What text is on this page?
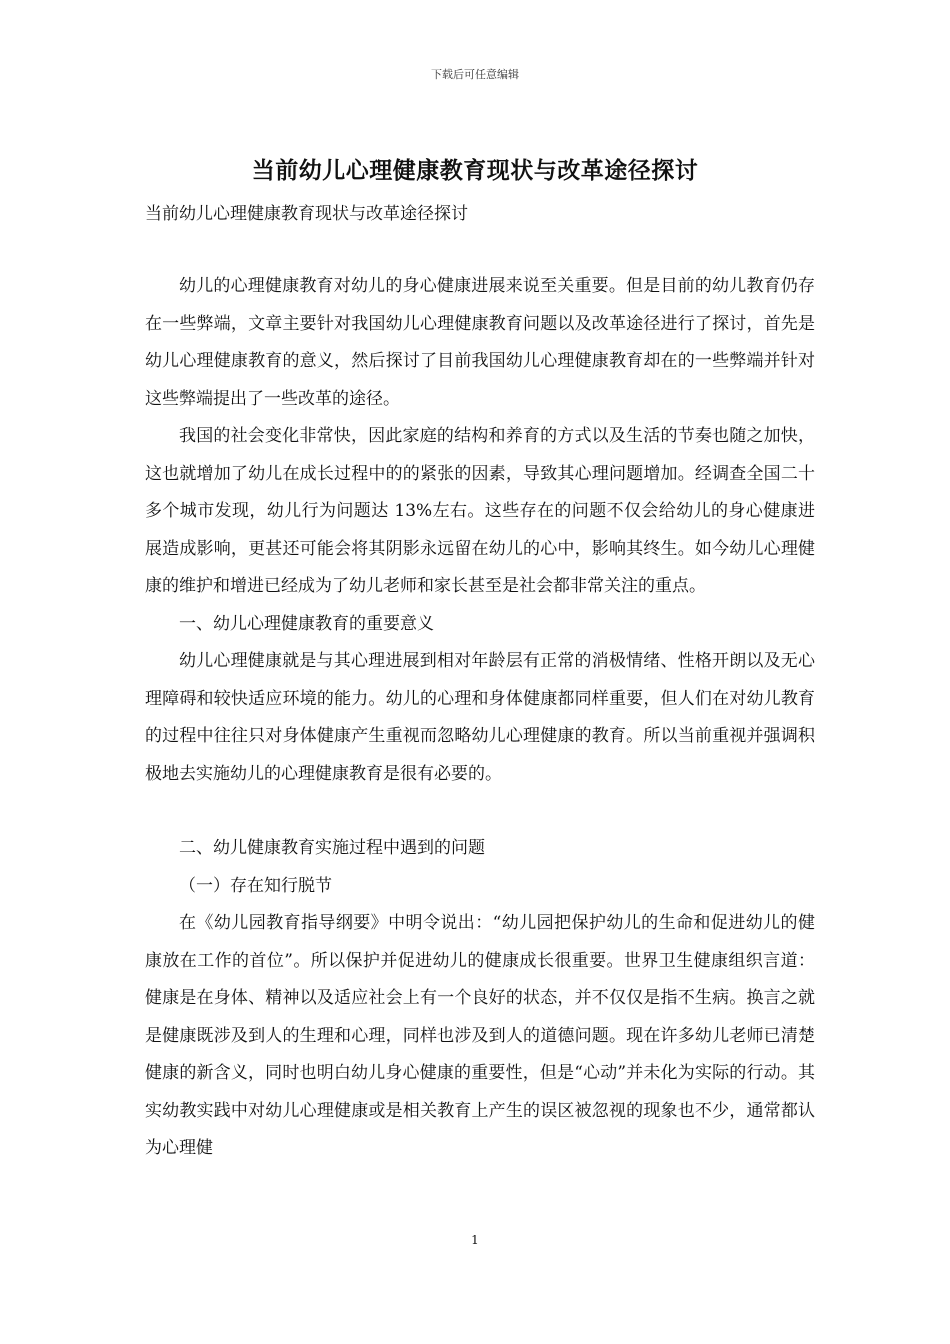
下载后可任意编辑
当前幼儿心理健康教育现状与改革途径探讨
当前幼儿心理健康教育现状与改革途径探讨

幼儿的心理健康教育对幼儿的身心健康进展来说至关重要。但是目前的幼儿教育仍存在一些弊端，文章主要针对我国幼儿心理健康教育问题以及改革途径进行了探讨，首先是幼儿心理健康教育的意义，然后探讨了目前我国幼儿心理健康教育却在的一些弊端并针对这些弊端提出了一些改革的途径。

我国的社会变化非常快，因此家庭的结构和养育的方式以及生活的节奏也随之加快，这也就增加了幼儿在成长过程中的的紧张的因素，导致其心理问题增加。经调查全国二十多个城市发现，幼儿行为问题达 13%左右。这些存在的问题不仅会给幼儿的身心健康进展造成影响，更甚还可能会将其阴影永远留在幼儿的心中，影响其终生。如今幼儿心理健康的维护和增进已经成为了幼儿老师和家长甚至是社会都非常关注的重点。

一、幼儿心理健康教育的重要意义

幼儿心理健康就是与其心理进展到相对年龄层有正常的消极情绪、性格开朗以及无心理障碍和较快适应环境的能力。幼儿的心理和身体健康都同样重要，但人们在对幼儿教育的过程中往往只对身体健康产生重视而忽略幼儿心理健康的教育。所以当前重视并强调积极地去实施幼儿的心理健康教育是很有必要的。

二、幼儿健康教育实施过程中遇到的问题

（一）存在知行脱节

在《幼儿园教育指导纲要》中明令说出：“幼儿园把保护幼儿的生命和促进幼儿的健康放在工作的首位”。所以保护并促进幼儿的健康成长很重要。世界卫生健康组织言道：健康是在身体、精神以及适应社会上有一个良好的状态，并不仅仅是指不生病。换言之就是健康既涉及到人的生理和心理，同样也涉及到人的道德问题。现在许多幼儿老师已清楚健康的新含义，同时也明白幼儿身心健康的重要性，但是“心动”并未化为实际的行动。其实幼教实践中对幼儿心理健康或是相关教育上产生的误区被忽视的现象也不少，通常都认为心理健

1
